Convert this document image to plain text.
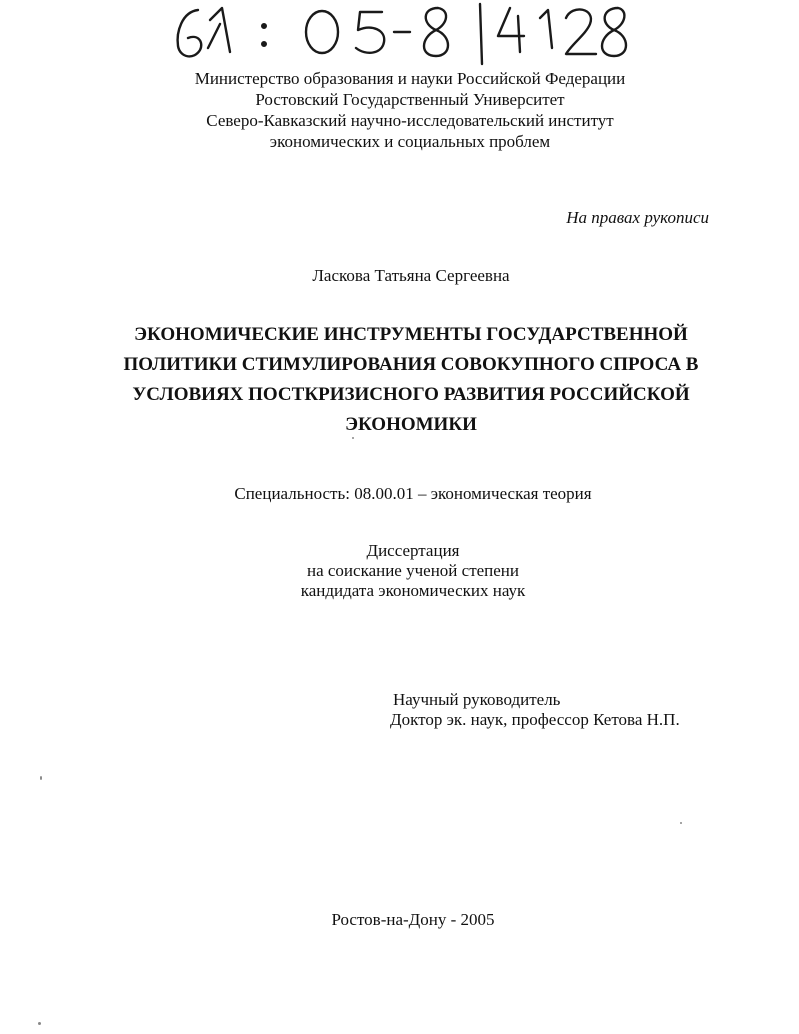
Министерство образования и науки Российской Федерации
Ростовский Государственный Университет
Северо-Кавказский научно-исследовательский институт
экономических и социальных проблем
На правах рукописи
Ласкова Татьяна Сергеевна
ЭКОНОМИЧЕСКИЕ ИНСТРУМЕНТЫ ГОСУДАРСТВЕННОЙ
ПОЛИТИКИ СТИМУЛИРОВАНИЯ СОВОКУПНОГО СПРОСА В
УСЛОВИЯХ ПОСТКРИЗИСНОГО РАЗВИТИЯ РОССИЙСКОЙ
ЭКОНОМИКИ
Специальность: 08.00.01 – экономическая теория
Диссертация
на соискание ученой степени
кандидата экономических наук
Научный руководитель
Доктор эк. наук, профессор Кетова Н.П.
Ростов-на-Дону - 2005
